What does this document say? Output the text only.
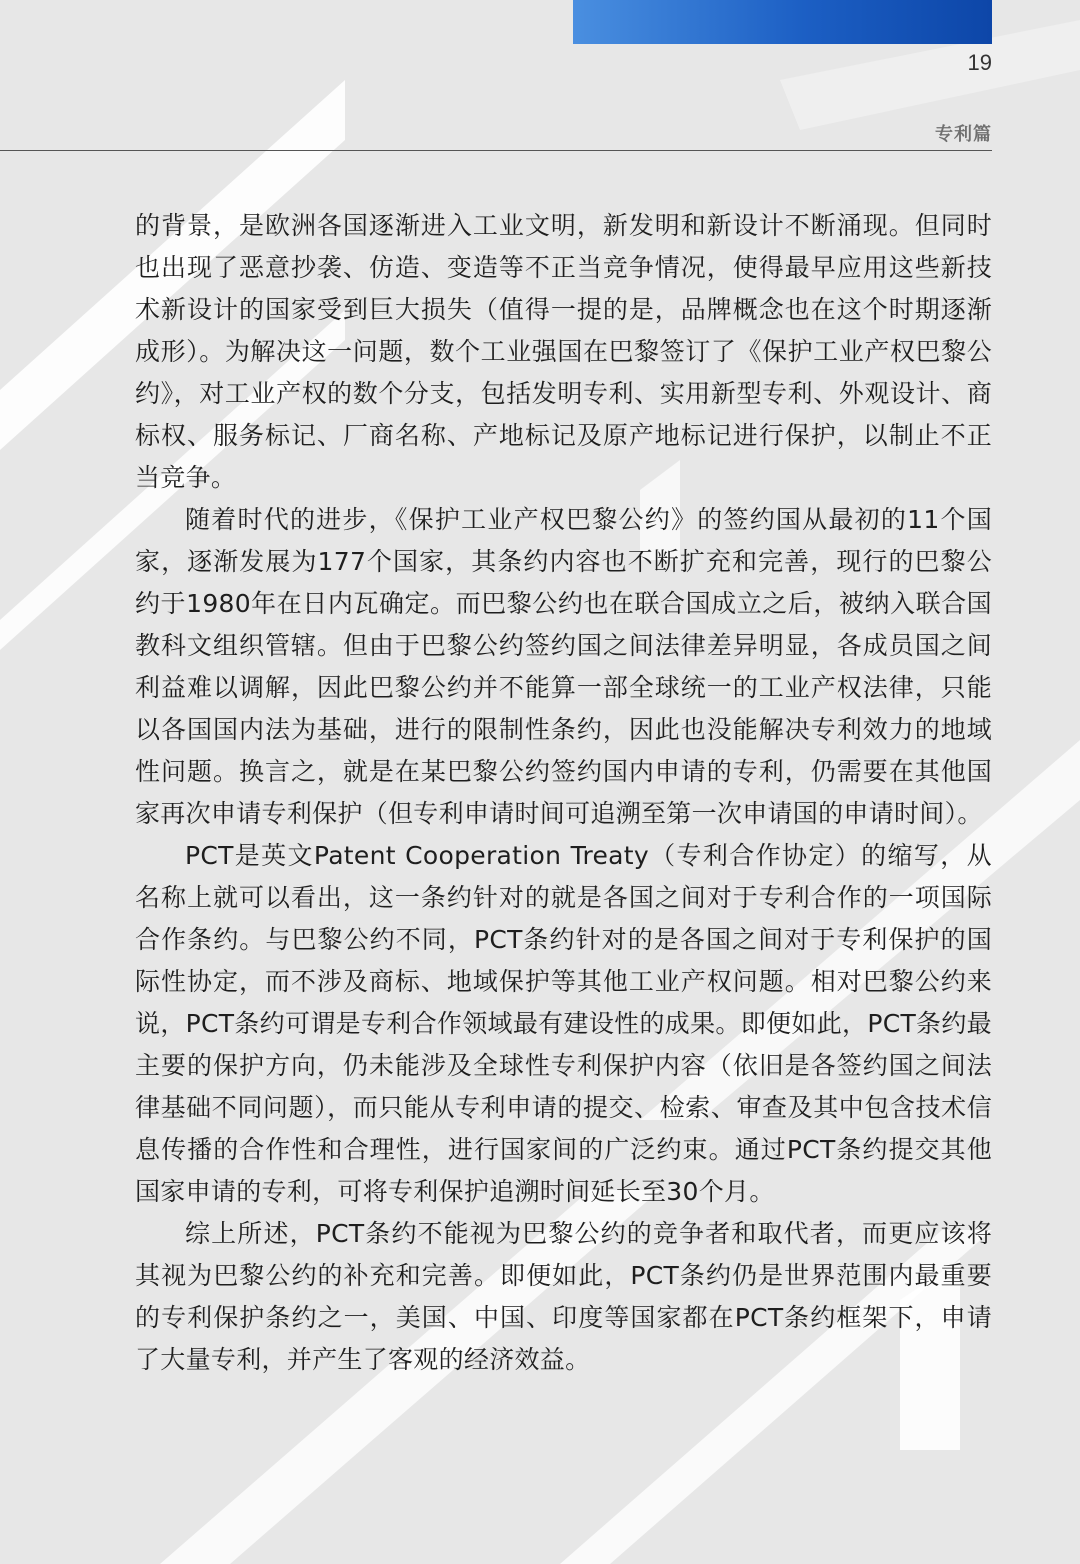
19
专利篇

的背景，是欧洲各国逐渐进入工业文明，新发明和新设计不断涌现。但同时也出现了恶意抄袭、仿造、变造等不正当竞争情况，使得最早应用这些新技术新设计的国家受到巨大损失（值得一提的是，品牌概念也在这个时期逐渐成形）。为解决这一问题，数个工业强国在巴黎签订了《保护工业产权巴黎公约》，对工业产权的数个分支，包括发明专利、实用新型专利、外观设计、商标权、服务标记、厂商名称、产地标记及原产地标记进行保护，以制止不正当竞争。

随着时代的进步，《保护工业产权巴黎公约》的签约国从最初的11个国家，逐渐发展为177个国家，其条约内容也不断扩充和完善，现行的巴黎公约于1980年在日内瓦确定。而巴黎公约也在联合国成立之后，被纳入联合国教科文组织管辖。但由于巴黎公约签约国之间法律差异明显，各成员国之间利益难以调解，因此巴黎公约并不能算一部全球统一的工业产权法律，只能以各国国内法为基础，进行的限制性条约，因此也没能解决专利效力的地域性问题。换言之，就是在某巴黎公约签约国内申请的专利，仍需要在其他国家再次申请专利保护（但专利申请时间可追溯至第一次申请国的申请时间）。

PCT是英文Patent Cooperation Treaty（专利合作协定）的缩写，从名称上就可以看出，这一条约针对的就是各国之间对于专利合作的一项国际合作条约。与巴黎公约不同，PCT条约针对的是各国之间对于专利保护的国际性协定，而不涉及商标、地域保护等其他工业产权问题。相对巴黎公约来说，PCT条约可谓是专利合作领域最有建设性的成果。即便如此，PCT条约最主要的保护方向，仍未能涉及全球性专利保护内容（依旧是各签约国之间法律基础不同问题），而只能从专利申请的提交、检索、审查及其中包含技术信息传播的合作性和合理性，进行国家间的广泛约束。通过PCT条约提交其他国家申请的专利，可将专利保护追溯时间延长至30个月。

综上所述，PCT条约不能视为巴黎公约的竞争者和取代者，而更应该将其视为巴黎公约的补充和完善。即便如此，PCT条约仍是世界范围内最重要的专利保护条约之一，美国、中国、印度等国家都在PCT条约框架下，申请了大量专利，并产生了客观的经济效益。
